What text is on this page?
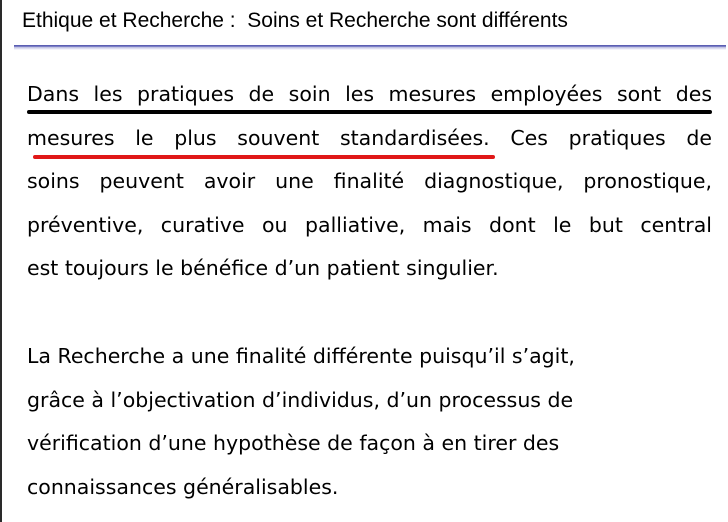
Ethique et Recherche :  Soins et Recherche sont différents
Dans les pratiques de soin les mesures employées sont des
mesures le plus souvent standardisées. Ces pratiques de
soins peuvent avoir une finalité diagnostique, pronostique,
préventive, curative ou palliative, mais dont le but central
est toujours le bénéfice d’un patient singulier.
La Recherche a une finalité différente puisqu’il s’agit,
grâce à l’objectivation d’individus, d’un processus de
vérification d’une hypothèse de façon à en tirer des
connaissances généralisables.
